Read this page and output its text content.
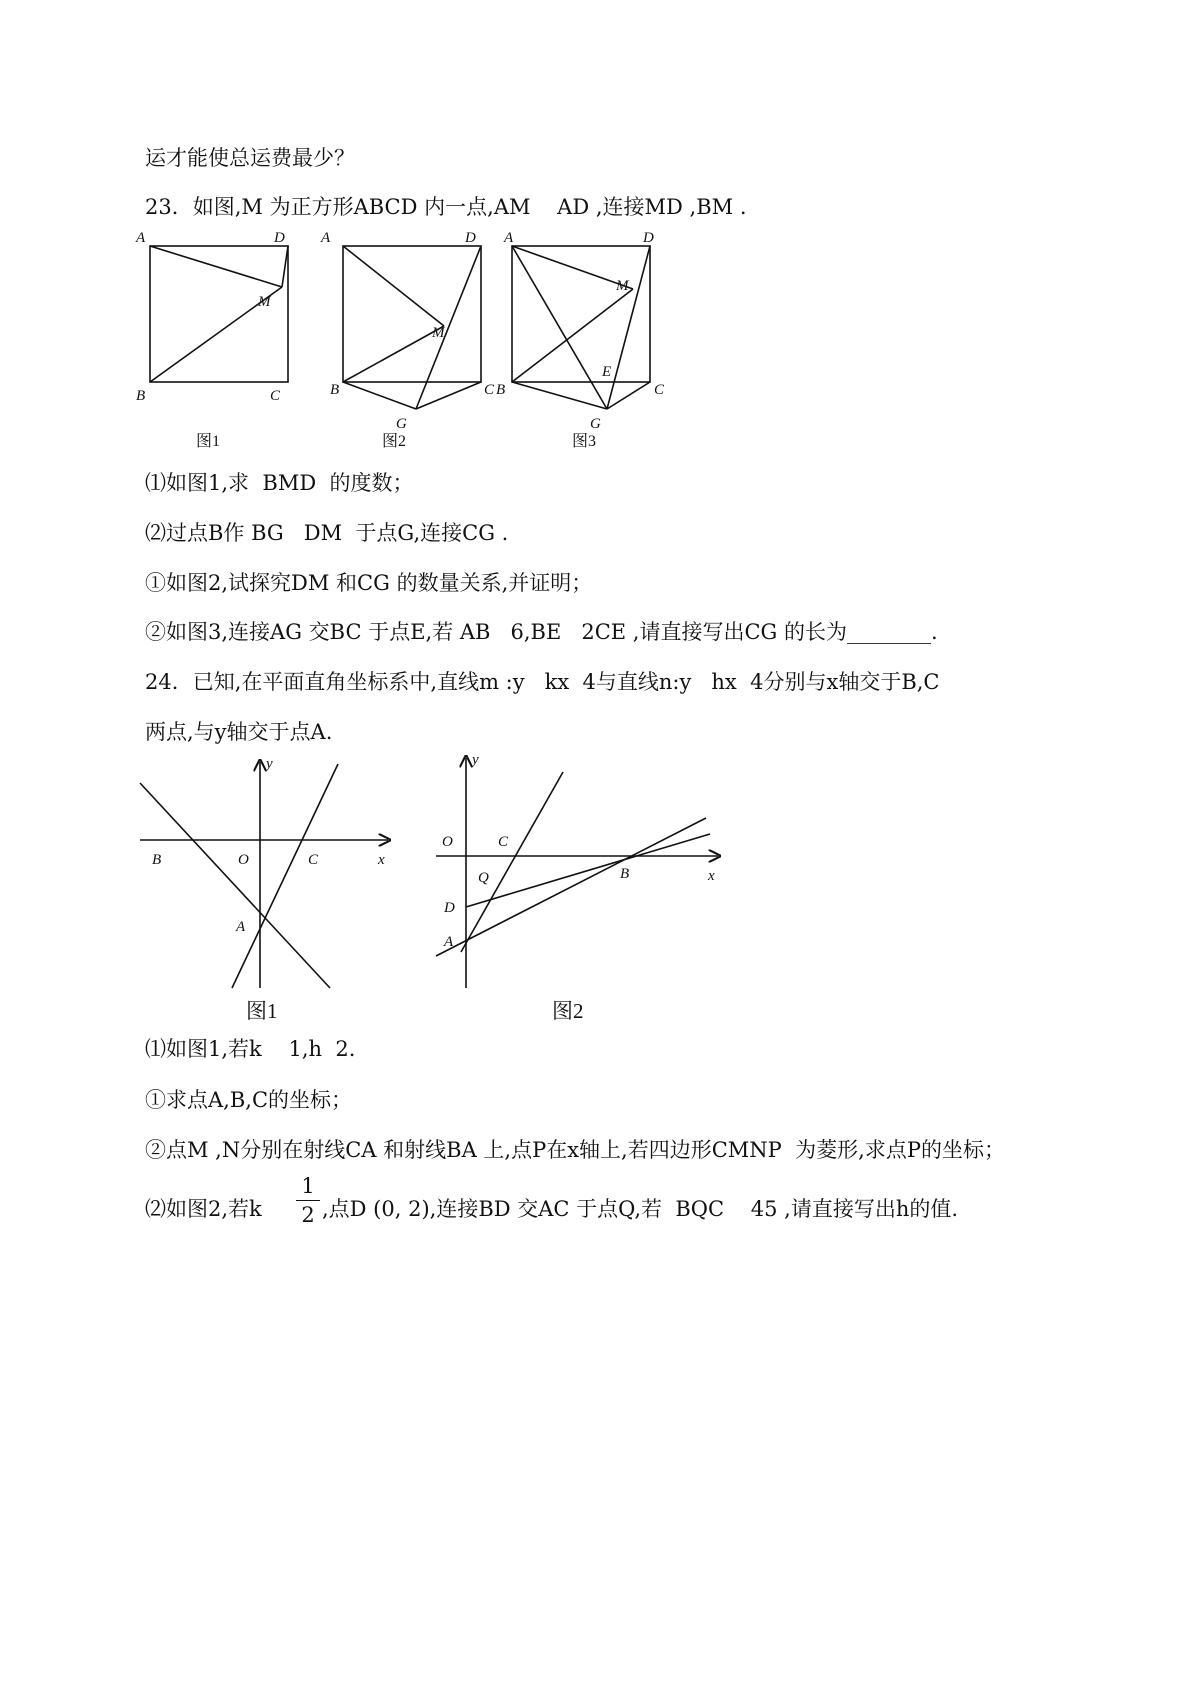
运才能使总运费最少？
23．如图,M 为正方形ABCD 内一点,AM    AD ,连接MD ,BM .
A	D
M
B	C
图1
A	D
M
B	C
G
图2
A	D
M
B
E
C
G
图3
⑴如图1,求  BMD  的度数；
⑵过点B作 BG   DM  于点G,连接CG .
①如图2,试探究DM 和CG 的数量关系,并证明；
②如图3,连接AG 交BC 于点E,若 AB   6,BE   2CE ,请直接写出CG 的长为________.
24．已知,在平面直角坐标系中,直线m :y   kx  4与直线n:y   hx  4分别与x轴交于B,C
两点,与y轴交于点A.
y
x
O
B	C
A
图1
y
x
O	C
B
Q
D
A
图2
⑴如图1,若k    1,h  2.
①求点A,B,C的坐标；
②点M ,N分别在射线CA 和射线BA 上,点P在x轴上,若四边形CMNP  为菱形,求点P的坐标；
⑵如图2,若k
1
2 ,点D (0, 2),连接BD 交AC 于点Q,若  BQC    45 ,请直接写出h的值.
